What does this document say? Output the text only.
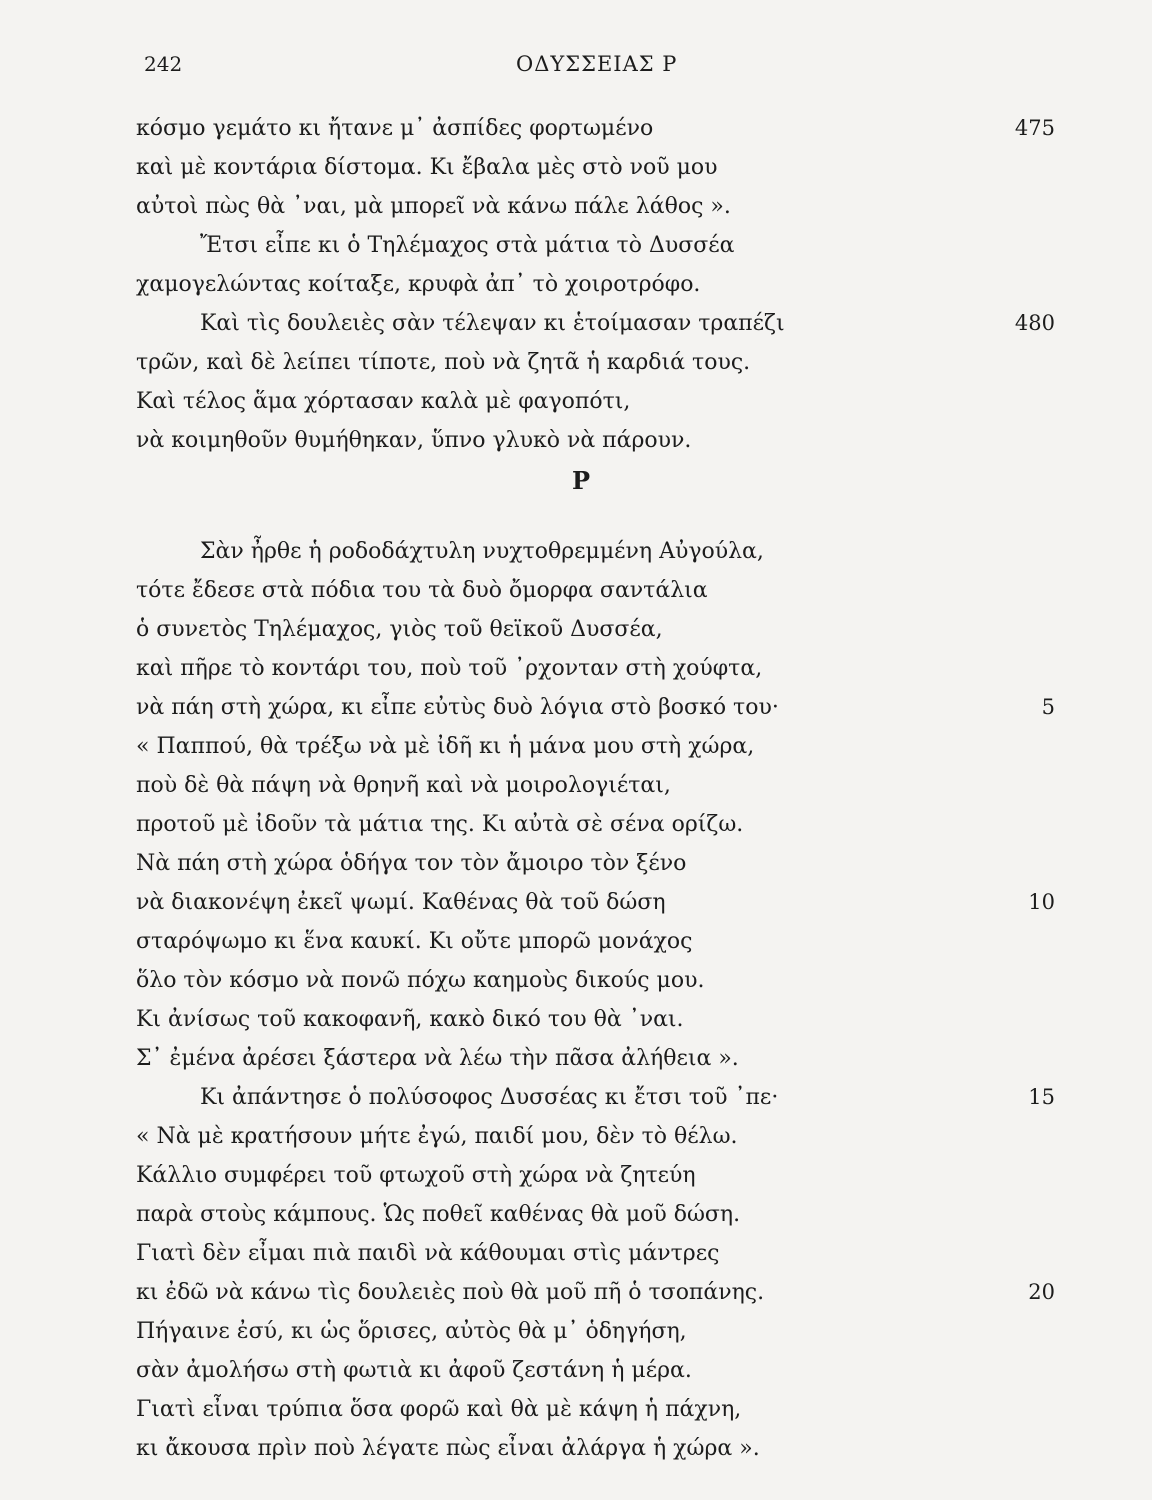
242	ΟΔΥΣΣΕΙΑΣ Ρ
κόσμο γεμάτο κι ἤτανε μ᾽ ἀσπίδες φορτωμένο	475
καὶ μὲ κοντάρια δίστομα. Κι ἔβαλα μὲς στὸ νοῦ μου
αὐτοὶ πὼς θὰ ᾽ναι, μὰ μπορεῖ νὰ κάνω πάλε λάθος ».
Ἔτσι εἶπε κι ὁ Τηλέμαχος στὰ μάτια τὸ Δυσσέα
χαμογελώντας κοίταξε, κρυφὰ ἀπ᾽ τὸ χοιροτρόφο.
Καὶ τὶς δουλειὲς σὰν τέλεψαν κι ἑτοίμασαν τραπέζι	480
τρῶν, καὶ δὲ λείπει τίποτε, ποὺ νὰ ζητᾶ ἡ καρδιά τους.
Καὶ τέλος ἅμα χόρτασαν καλὰ μὲ φαγοπότι,
νὰ κοιμηθοῦν θυμήθηκαν, ὕπνο γλυκὸ νὰ πάρουν.
Ρ
Σὰν ἦρθε ἡ ροδοδάχτυλη νυχτοθρεμμένη Αὐγούλα,
τότε ἔδεσε στὰ πόδια του τὰ δυὸ ὄμορφα σαντάλια
ὁ συνετὸς Τηλέμαχος, γιὸς τοῦ θεϊκοῦ Δυσσέα,
καὶ πῆρε τὸ κοντάρι του, ποὺ τοῦ ᾽ρχονταν στὴ χούφτα,
νὰ πάη στὴ χώρα, κι εἶπε εὐτὺς δυὸ λόγια στὸ βοσκό του·	5
« Παππού, θὰ τρέξω νὰ μὲ ἰδῆ κι ἡ μάνα μου στὴ χώρα,
ποὺ δὲ θὰ πάψη νὰ θρηνῆ καὶ νὰ μοιρολογιέται,
προτοῦ μὲ ἰδοῦν τὰ μάτια της. Κι αὐτὰ σὲ σένα ορίζω.
Νὰ πάη στὴ χώρα ὁδήγα τον τὸν ἄμοιρο τὸν ξένο
νὰ διακονέψη ἐκεῖ ψωμί. Καθένας θὰ τοῦ δώση	10
σταρόψωμο κι ἕνα καυκί. Κι οὔτε μπορῶ μονάχος
ὅλο τὸν κόσμο νὰ πονῶ πόχω καημοὺς δικούς μου.
Κι ἀνίσως τοῦ κακοφανῆ, κακὸ δικό του θὰ ᾽ναι.
Σ᾽ ἐμένα ἀρέσει ξάστερα νὰ λέω τὴν πᾶσα ἀλήθεια ».
Κι ἀπάντησε ὁ πολύσοφος Δυσσέας κι ἔτσι τοῦ ᾽πε·	15
« Νὰ μὲ κρατήσουν μήτε ἐγώ, παιδί μου, δὲν τὸ θέλω.
Κάλλιο συμφέρει τοῦ φτωχοῦ στὴ χώρα νὰ ζητεύη
παρὰ στοὺς κάμπους. Ὡς ποθεῖ καθένας θὰ μοῦ δώση.
Γιατὶ δὲν εἶμαι πιὰ παιδὶ νὰ κάθουμαι στὶς μάντρες
κι ἐδῶ νὰ κάνω τὶς δουλειὲς ποὺ θὰ μοῦ πῆ ὁ τσοπάνης.	20
Πήγαινε ἐσύ, κι ὡς ὅρισες, αὐτὸς θὰ μ᾽ ὁδηγήση,
σὰν ἀμολήσω στὴ φωτιὰ κι ἀφοῦ ζεστάνη ἡ μέρα.
Γιατὶ εἶναι τρύπια ὅσα φορῶ καὶ θὰ μὲ κάψη ἡ πάχνη,
κι ἄκουσα πρὶν ποὺ λέγατε πὼς εἶναι ἀλάργα ἡ χώρα ».
